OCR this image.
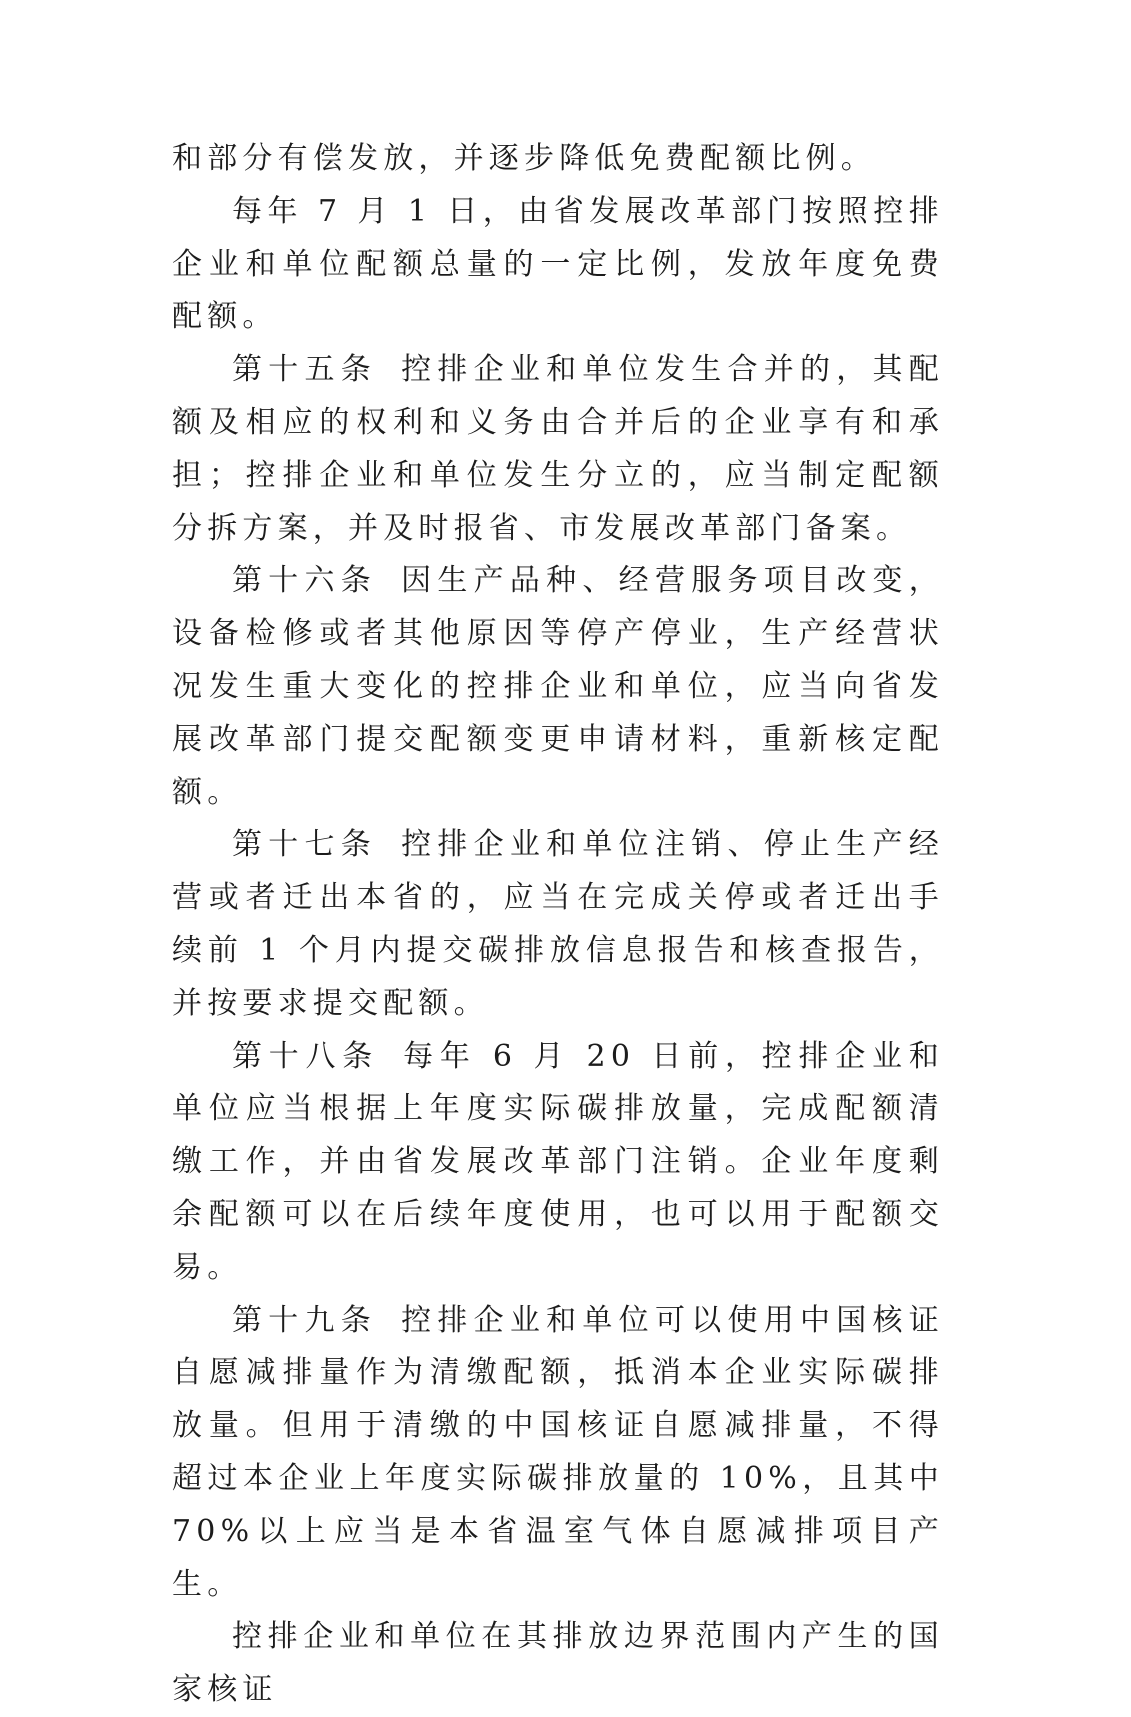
和部分有偿发放，并逐步降低免费配额比例。

每年 7 月 1 日，由省发展改革部门按照控排企业和单位配额总量的一定比例，发放年度免费配额。

第十五条 控排企业和单位发生合并的，其配额及相应的权利和义务由合并后的企业享有和承担；控排企业和单位发生分立的，应当制定配额分拆方案，并及时报省、市发展改革部门备案。

第十六条 因生产品种、经营服务项目改变，设备检修或者其他原因等停产停业，生产经营状况发生重大变化的控排企业和单位，应当向省发展改革部门提交配额变更申请材料，重新核定配额。

第十七条 控排企业和单位注销、停止生产经营或者迁出本省的，应当在完成关停或者迁出手续前 1 个月内提交碳排放信息报告和核查报告，并按要求提交配额。

第十八条 每年 6 月 20 日前，控排企业和单位应当根据上年度实际碳排放量，完成配额清缴工作，并由省发展改革部门注销。企业年度剩余配额可以在后续年度使用，也可以用于配额交易。

第十九条 控排企业和单位可以使用中国核证自愿减排量作为清缴配额，抵消本企业实际碳排放量。但用于清缴的中国核证自愿减排量，不得超过本企业上年度实际碳排放量的 10%，且其中 70%以上应当是本省温室气体自愿减排项目产生。

控排企业和单位在其排放边界范围内产生的国家核证
